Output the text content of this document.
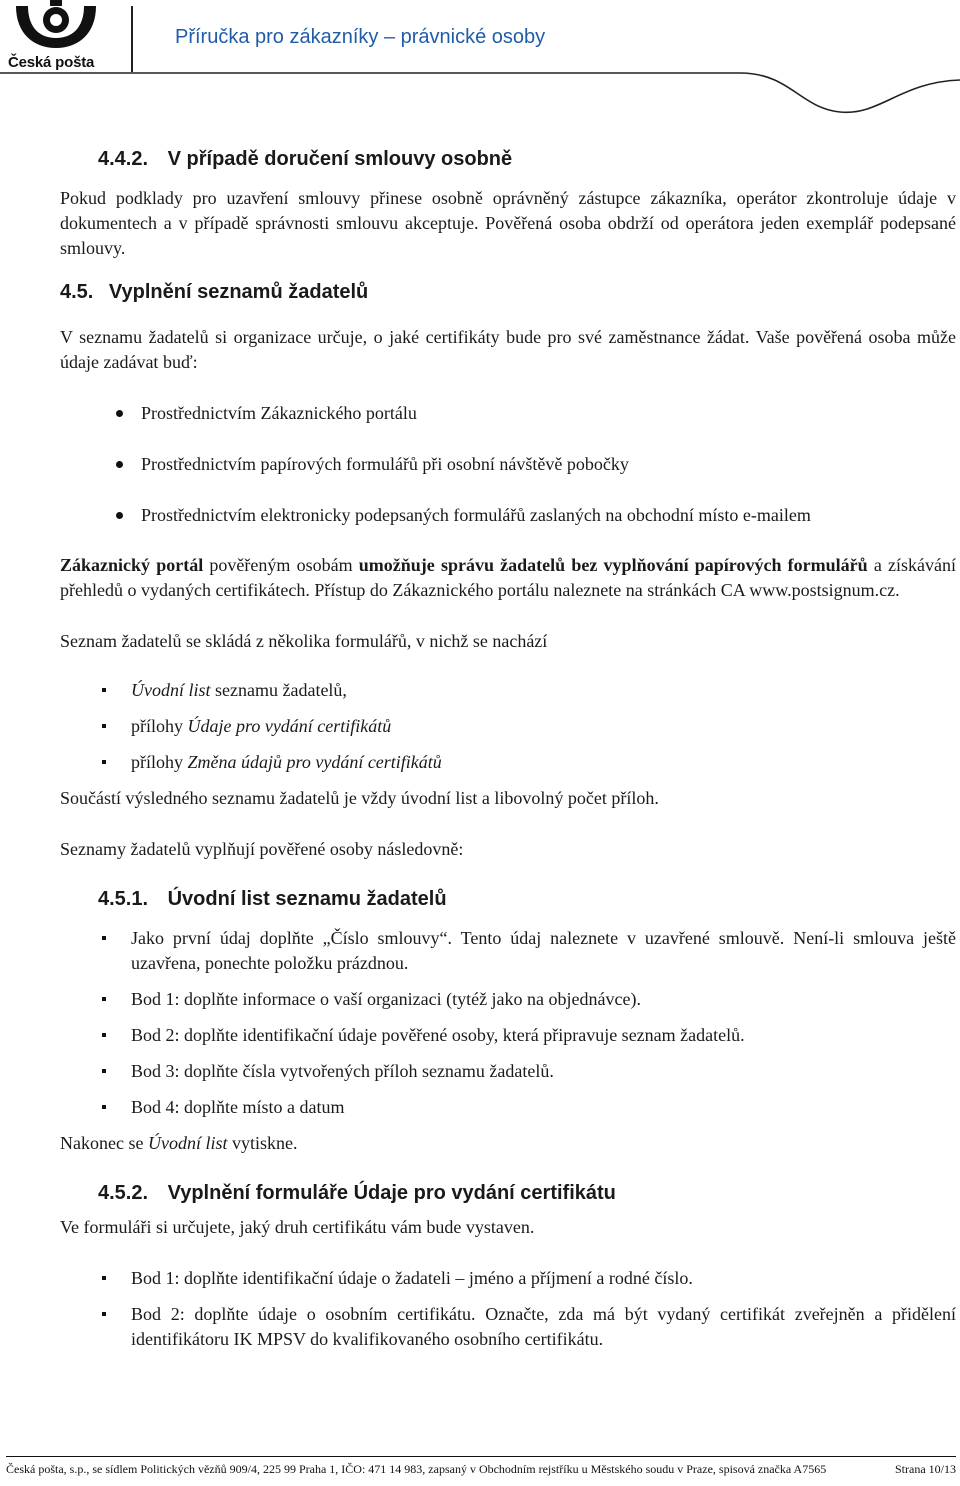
Česká pošta
Příručka pro zákazníky – právnické osoby
4.4.2. V případě doručení smlouvy osobně

Pokud podklady pro uzavření smlouvy přinese osobně oprávněný zástupce zákazníka, operátor zkontroluje údaje v dokumentech a v případě správnosti smlouvu akceptuje. Pověřená osoba obdrží od operátora jeden exemplář podepsané smlouvy.

4.5. Vyplnění seznamů žadatelů

V seznamu žadatelů si organizace určuje, o jaké certifikáty bude pro své zaměstnance žádat. Vaše pověřená osoba může údaje zadávat buď:

Prostřednictvím Zákaznického portálu
Prostřednictvím papírových formulářů při osobní návštěvě pobočky
Prostřednictvím elektronicky podepsaných formulářů zaslaných na obchodní místo e-mailem

Zákaznický portál pověřeným osobám umožňuje správu žadatelů bez vyplňování papírových formulářů a získávání přehledů o vydaných certifikátech. Přístup do Zákaznického portálu naleznete na stránkách CA www.postsignum.cz.

Seznam žadatelů se skládá z několika formulářů, v nichž se nachází

Úvodní list seznamu žadatelů,
přílohy Údaje pro vydání certifikátů
přílohy Změna údajů pro vydání certifikátů

Součástí výsledného seznamu žadatelů je vždy úvodní list a libovolný počet příloh.

Seznamy žadatelů vyplňují pověřené osoby následovně:

4.5.1. Úvodní list seznamu žadatelů
Jako první údaj doplňte „Číslo smlouvy“. Tento údaj naleznete v uzavřené smlouvě. Není-li smlouva ještě uzavřena, ponechte položku prázdnou.
Bod 1: doplňte informace o vaší organizaci (tytéž jako na objednávce).
Bod 2: doplňte identifikační údaje pověřené osoby, která připravuje seznam žadatelů.
Bod 3: doplňte čísla vytvořených příloh seznamu žadatelů.
Bod 4: doplňte místo a datum

Nakonec se Úvodní list vytiskne.

4.5.2. Vyplnění formuláře Údaje pro vydání certifikátu

Ve formuláři si určujete, jaký druh certifikátu vám bude vystaven.

Bod 1: doplňte identifikační údaje o žadateli – jméno a příjmení a rodné číslo.
Bod 2: doplňte údaje o osobním certifikátu. Označte, zda má být vydaný certifikát zveřejněn a přidělení identifikátoru IK MPSV do kvalifikovaného osobního certifikátu.
Česká pošta, s.p., se sídlem Politických vězňů 909/4, 225 99 Praha 1, IČO: 471 14 983, zapsaný v Obchodním rejstříku u Městského soudu v Praze, spisová značka A7565	Strana 10/13
